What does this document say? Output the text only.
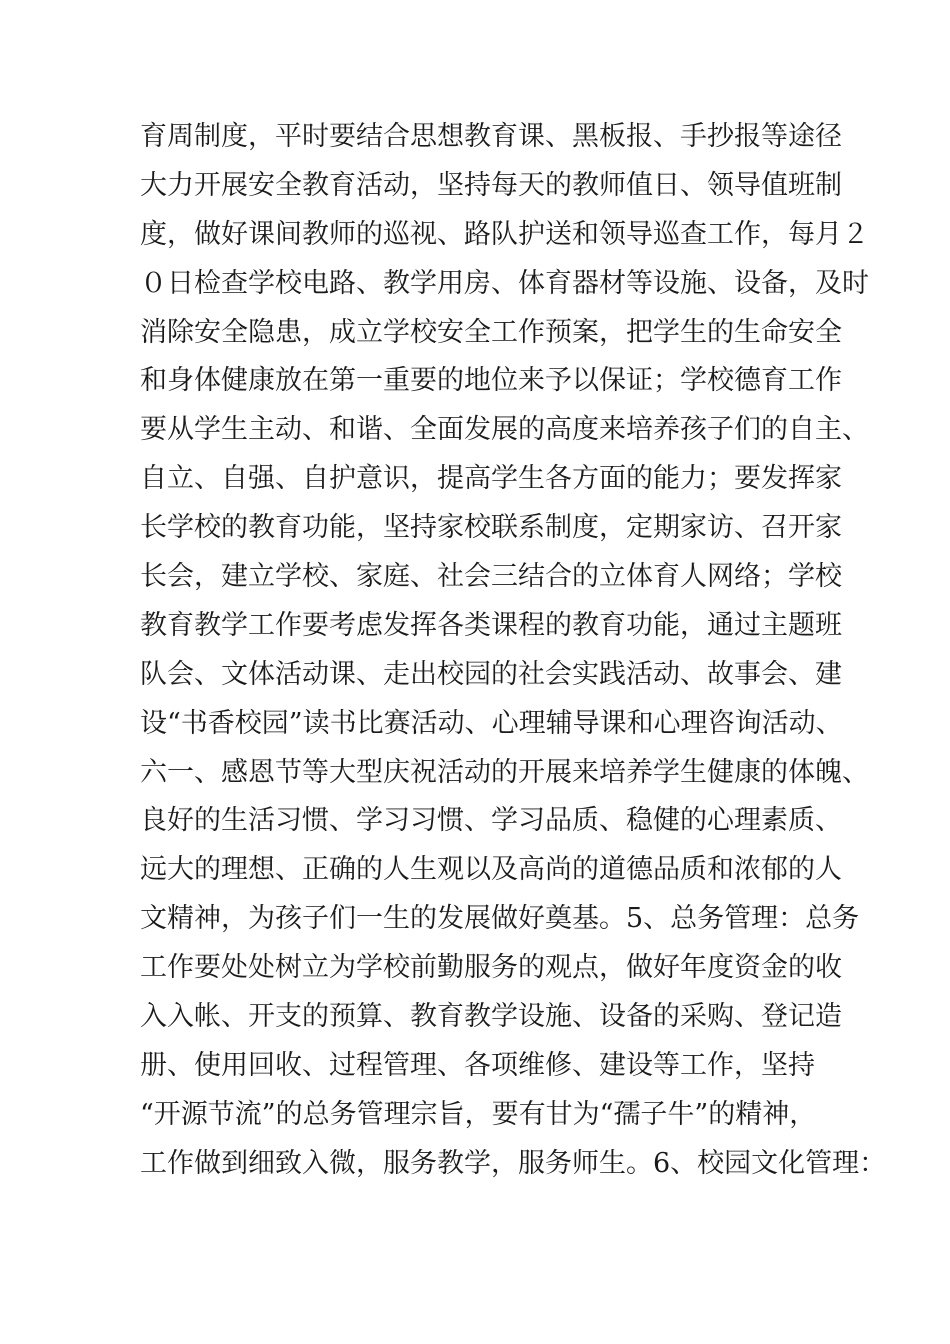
育周制度，平时要结合思想教育课、黑板报、手抄报等途径
大力开展安全教育活动，坚持每天的教师值日、领导值班制
度，做好课间教师的巡视、路队护送和领导巡查工作，每月２
０日检查学校电路、教学用房、体育器材等设施、设备，及时
消除安全隐患，成立学校安全工作预案，把学生的生命安全
和身体健康放在第一重要的地位来予以保证；学校德育工作
要从学生主动、和谐、全面发展的高度来培养孩子们的自主、
自立、自强、自护意识，提高学生各方面的能力；要发挥家
长学校的教育功能，坚持家校联系制度，定期家访、召开家
长会，建立学校、家庭、社会三结合的立体育人网络；学校
教育教学工作要考虑发挥各类课程的教育功能，通过主题班
队会、文体活动课、走出校园的社会实践活动、故事会、建
设“书香校园”读书比赛活动、心理辅导课和心理咨询活动、
六一、感恩节等大型庆祝活动的开展来培养学生健康的体魄、
良好的生活习惯、学习习惯、学习品质、稳健的心理素质、
远大的理想、正确的人生观以及高尚的道德品质和浓郁的人
文精神，为孩子们一生的发展做好奠基。5、总务管理：总务
工作要处处树立为学校前勤服务的观点，做好年度资金的收
入入帐、开支的预算、教育教学设施、设备的采购、登记造
册、使用回收、过程管理、各项维修、建设等工作，坚持
“开源节流”的总务管理宗旨，要有甘为“孺子牛”的精神，
工作做到细致入微，服务教学，服务师生。6、校园文化管理：
